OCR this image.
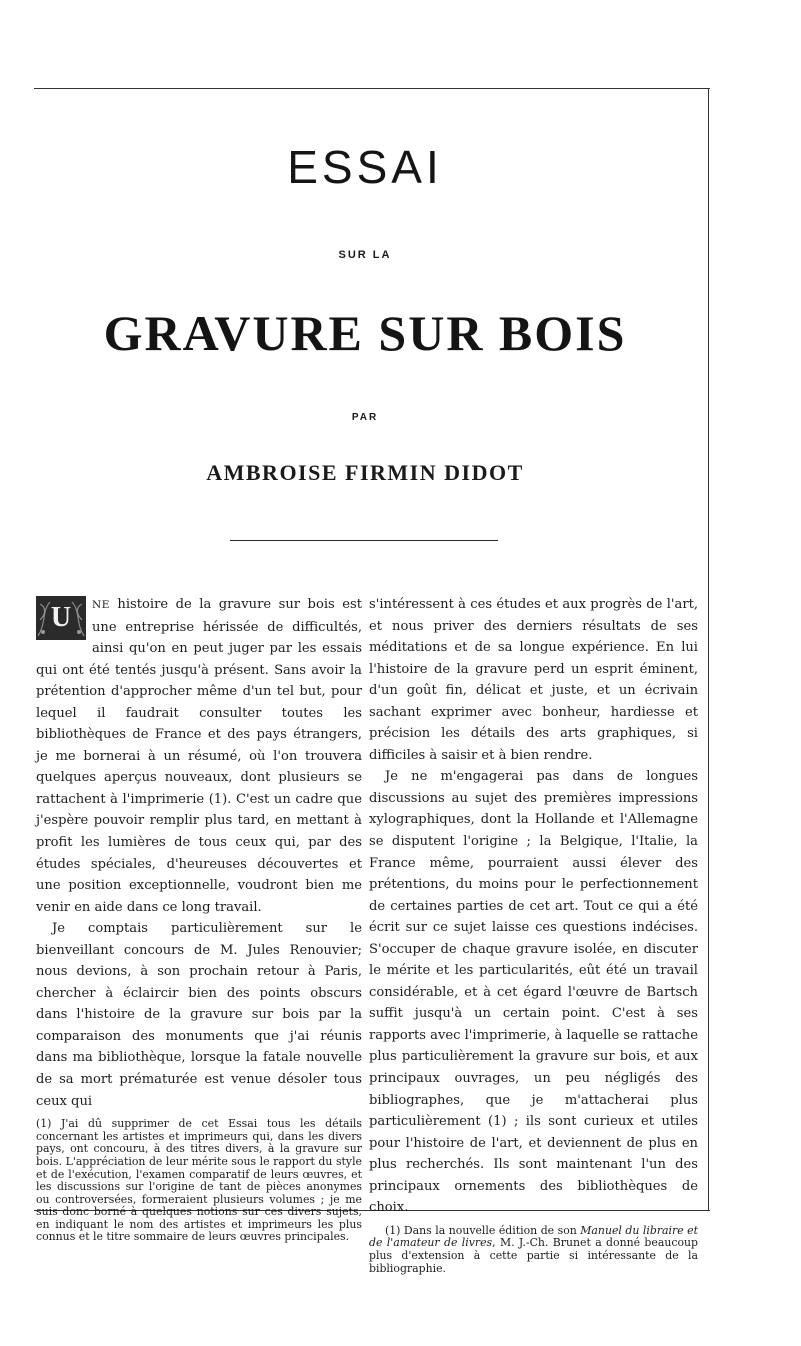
ESSAI
SUR LA
GRAVURE SUR BOIS
PAR
AMBROISE FIRMIN DIDOT

U	NE histoire de la gravure sur bois est une entreprise hérissée de difficultés, ainsi qu'on en peut juger par les essais qui ont été tentés jusqu'à présent. Sans avoir la prétention d'approcher même d'un tel but, pour lequel il faudrait consulter toutes les bibliothèques de France et des pays étrangers, je me bornerai à un résumé, où l'on trouvera quelques aperçus nouveaux, dont plusieurs se rattachent à l'imprimerie (1). C'est un cadre que j'espère pouvoir remplir plus tard, en mettant à profit les lumières de tous ceux qui, par des études spéciales, d'heureuses découvertes et une position exceptionnelle, voudront bien me venir en aide dans ce long travail.

Je comptais particulièrement sur le bienveillant concours de M. Jules Renouvier; nous devions, à son prochain retour à Paris, chercher à éclaircir bien des points obscurs dans l'histoire de la gravure sur bois par la comparaison des monuments que j'ai réunis dans ma bibliothèque, lorsque la fatale nouvelle de sa mort prématurée est venue désoler tous ceux qui

(1) J'ai dû supprimer de cet Essai tous les détails concernant les artistes et imprimeurs qui, dans les divers pays, ont concouru, à des titres divers, à la gravure sur bois. L'appréciation de leur mérite sous le rapport du style et de l'exécution, l'examen comparatif de leurs œuvres, et les discussions sur l'origine de tant de pièces anonymes ou controversées, formeraient plusieurs volumes ; je me suis donc borné à quelques notions sur ces divers sujets, en indiquant le nom des artistes et imprimeurs les plus connus et le titre sommaire de leurs œuvres principales.

s'intéressent à ces études et aux progrès de l'art, et nous priver des derniers résultats de ses méditations et de sa longue expérience. En lui l'histoire de la gravure perd un esprit éminent, d'un goût fin, délicat et juste, et un écrivain sachant exprimer avec bonheur, hardiesse et précision les détails des arts graphiques, si difficiles à saisir et à bien rendre.

Je ne m'engagerai pas dans de longues discussions au sujet des premières impressions xylographiques, dont la Hollande et l'Allemagne se disputent l'origine ; la Belgique, l'Italie, la France même, pourraient aussi élever des prétentions, du moins pour le perfectionnement de certaines parties de cet art. Tout ce qui a été écrit sur ce sujet laisse ces questions indécises. S'occuper de chaque gravure isolée, en discuter le mérite et les particularités, eût été un travail considérable, et à cet égard l'œuvre de Bartsch suffit jusqu'à un certain point. C'est à ses rapports avec l'imprimerie, à laquelle se rattache plus particulièrement la gravure sur bois, et aux principaux ouvrages, un peu négligés des bibliographes, que je m'attacherai plus particulièrement (1) ; ils sont curieux et utiles pour l'histoire de l'art, et deviennent de plus en plus recherchés. Ils sont maintenant l'un des principaux ornements des bibliothèques de choix.

(1) Dans la nouvelle édition de son Manuel du libraire et de l'amateur de livres, M. J.-Ch. Brunet a donné beaucoup plus d'extension à cette partie si intéressante de la bibliographie.
